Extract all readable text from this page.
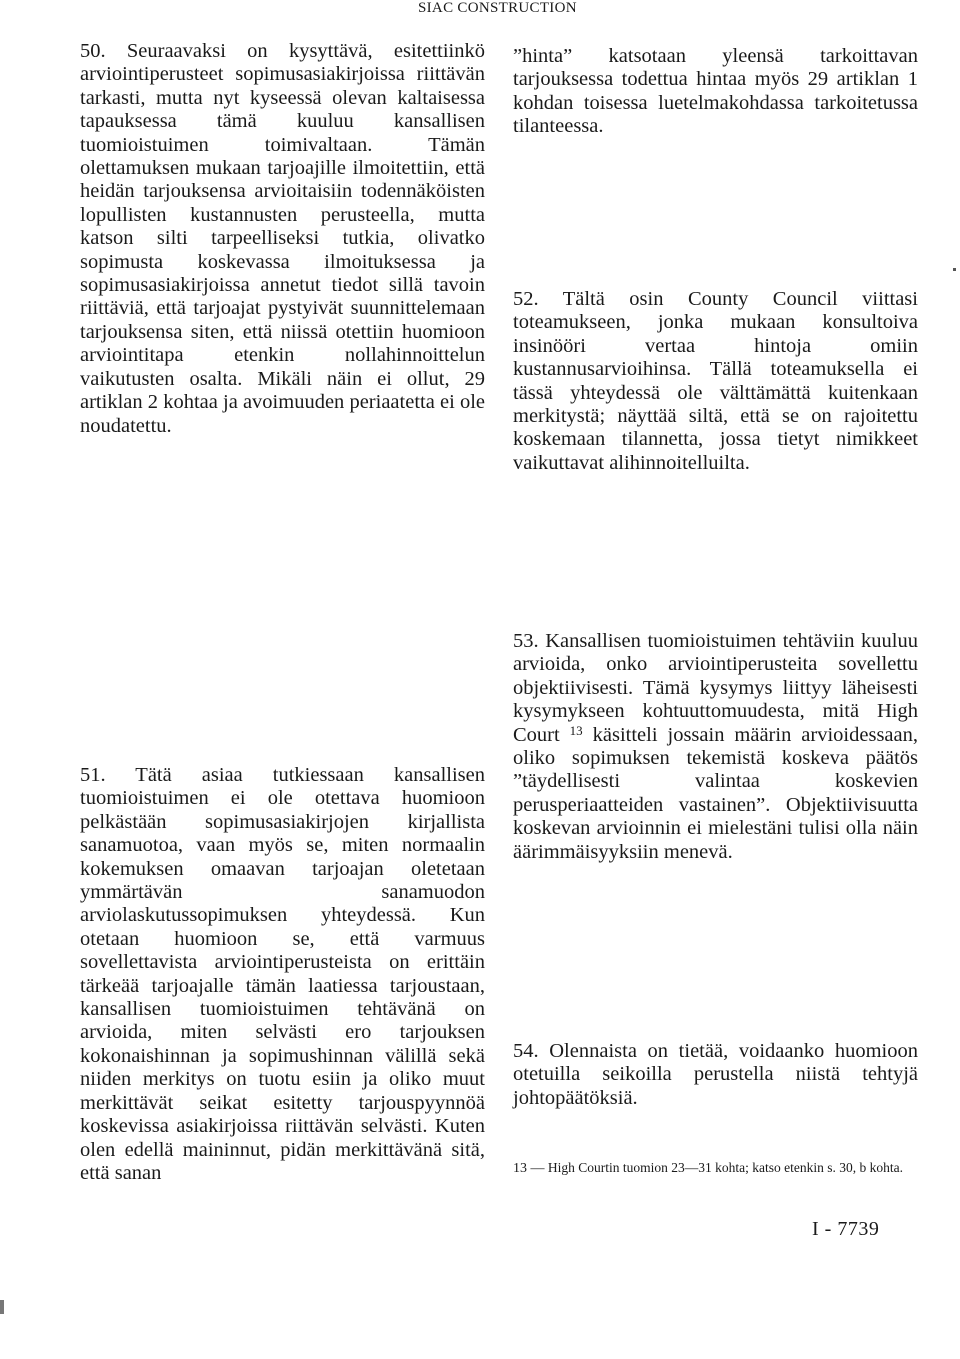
SIAC CONSTRUCTION

50. Seuraavaksi on kysyttävä, esitettiinkö arviointiperusteet sopimusasiakirjoissa riittävän tarkasti, mutta nyt kyseessä olevan kaltaisessa tapauksessa tämä kuuluu kansallisen tuomioistuimen toimivaltaan. Tämän olettamuksen mukaan tarjoajille ilmoitettiin, että heidän tarjouksensa arvioitaisiin todennäköisten lopullisten kustannusten perusteella, mutta katson silti tarpeelliseksi tutkia, olivatko sopimusta koskevassa ilmoituksessa ja sopimusasiakirjoissa annetut tiedot sillä tavoin riittäviä, että tarjoajat pystyivät suunnittelemaan tarjouksensa siten, että niissä otettiin huomioon arviointitapa etenkin nollahinnoittelun vaikutusten osalta. Mikäli näin ei ollut, 29 artiklan 2 kohtaa ja avoimuuden periaatetta ei ole noudatettu.

51. Tätä asiaa tutkiessaan kansallisen tuomioistuimen ei ole otettava huomioon pelkästään sopimusasiakirjojen kirjallista sanamuotoa, vaan myös se, miten normaalin kokemuksen omaavan tarjoajan oletetaan ymmärtävän sanamuodon arviolaskutussopimuksen yhteydessä. Kun otetaan huomioon se, että varmuus sovellettavista arviointiperusteista on erittäin tärkeää tarjoajalle tämän laatiessa tarjoustaan, kansallisen tuomioistuimen tehtävänä on arvioida, miten selvästi ero tarjouksen kokonaishinnan ja sopimushinnan välillä sekä niiden merkitys on tuotu esiin ja oliko muut merkittävät seikat esitetty tarjouspyynnöä koskevissa asiakirjoissa riittävän selvästi. Kuten olen edellä maininnut, pidän merkittävänä sitä, että sanan

”hinta” katsotaan yleensä tarkoittavan tarjouksessa todettua hintaa myös 29 artiklan 1 kohdan toisessa luetelmakohdassa tarkoitetussa tilanteessa.

52. Tältä osin County Council viittasi toteamukseen, jonka mukaan konsultoiva insinööri vertaa hintoja omiin kustannusarvioihinsa. Tällä toteamuksella ei tässä yhteydessä ole välttämättä kuitenkaan merkitystä; näyttää siltä, että se on rajoitettu koskemaan tilannetta, jossa tietyt nimikkeet vaikuttavat alihinnoitelluilta.

53. Kansallisen tuomioistuimen tehtäviin kuuluu arvioida, onko arviointiperusteita sovellettu objektiivisesti. Tämä kysymys liittyy läheisesti kysymykseen kohtuuttomuudesta, mitä High Court $^{13}$ käsitteli jossain määrin arvioidessaan, oliko sopimuksen tekemistä koskeva päätös ”täydellisesti valintaa koskevien perusperiaatteiden vastainen”. Objektiivisuutta koskevan arvioinnin ei mielestäni tulisi olla näin äärimmäisyyksiin menevä.

54. Olennaista on tietää, voidaanko huomioon otetuilla seikoilla perustella niistä tehtyjä johtopäätöksiä.

13 — High Courtin tuomion 23—31 kohta; katso etenkin s. 30, b kohta.
I - 7739
